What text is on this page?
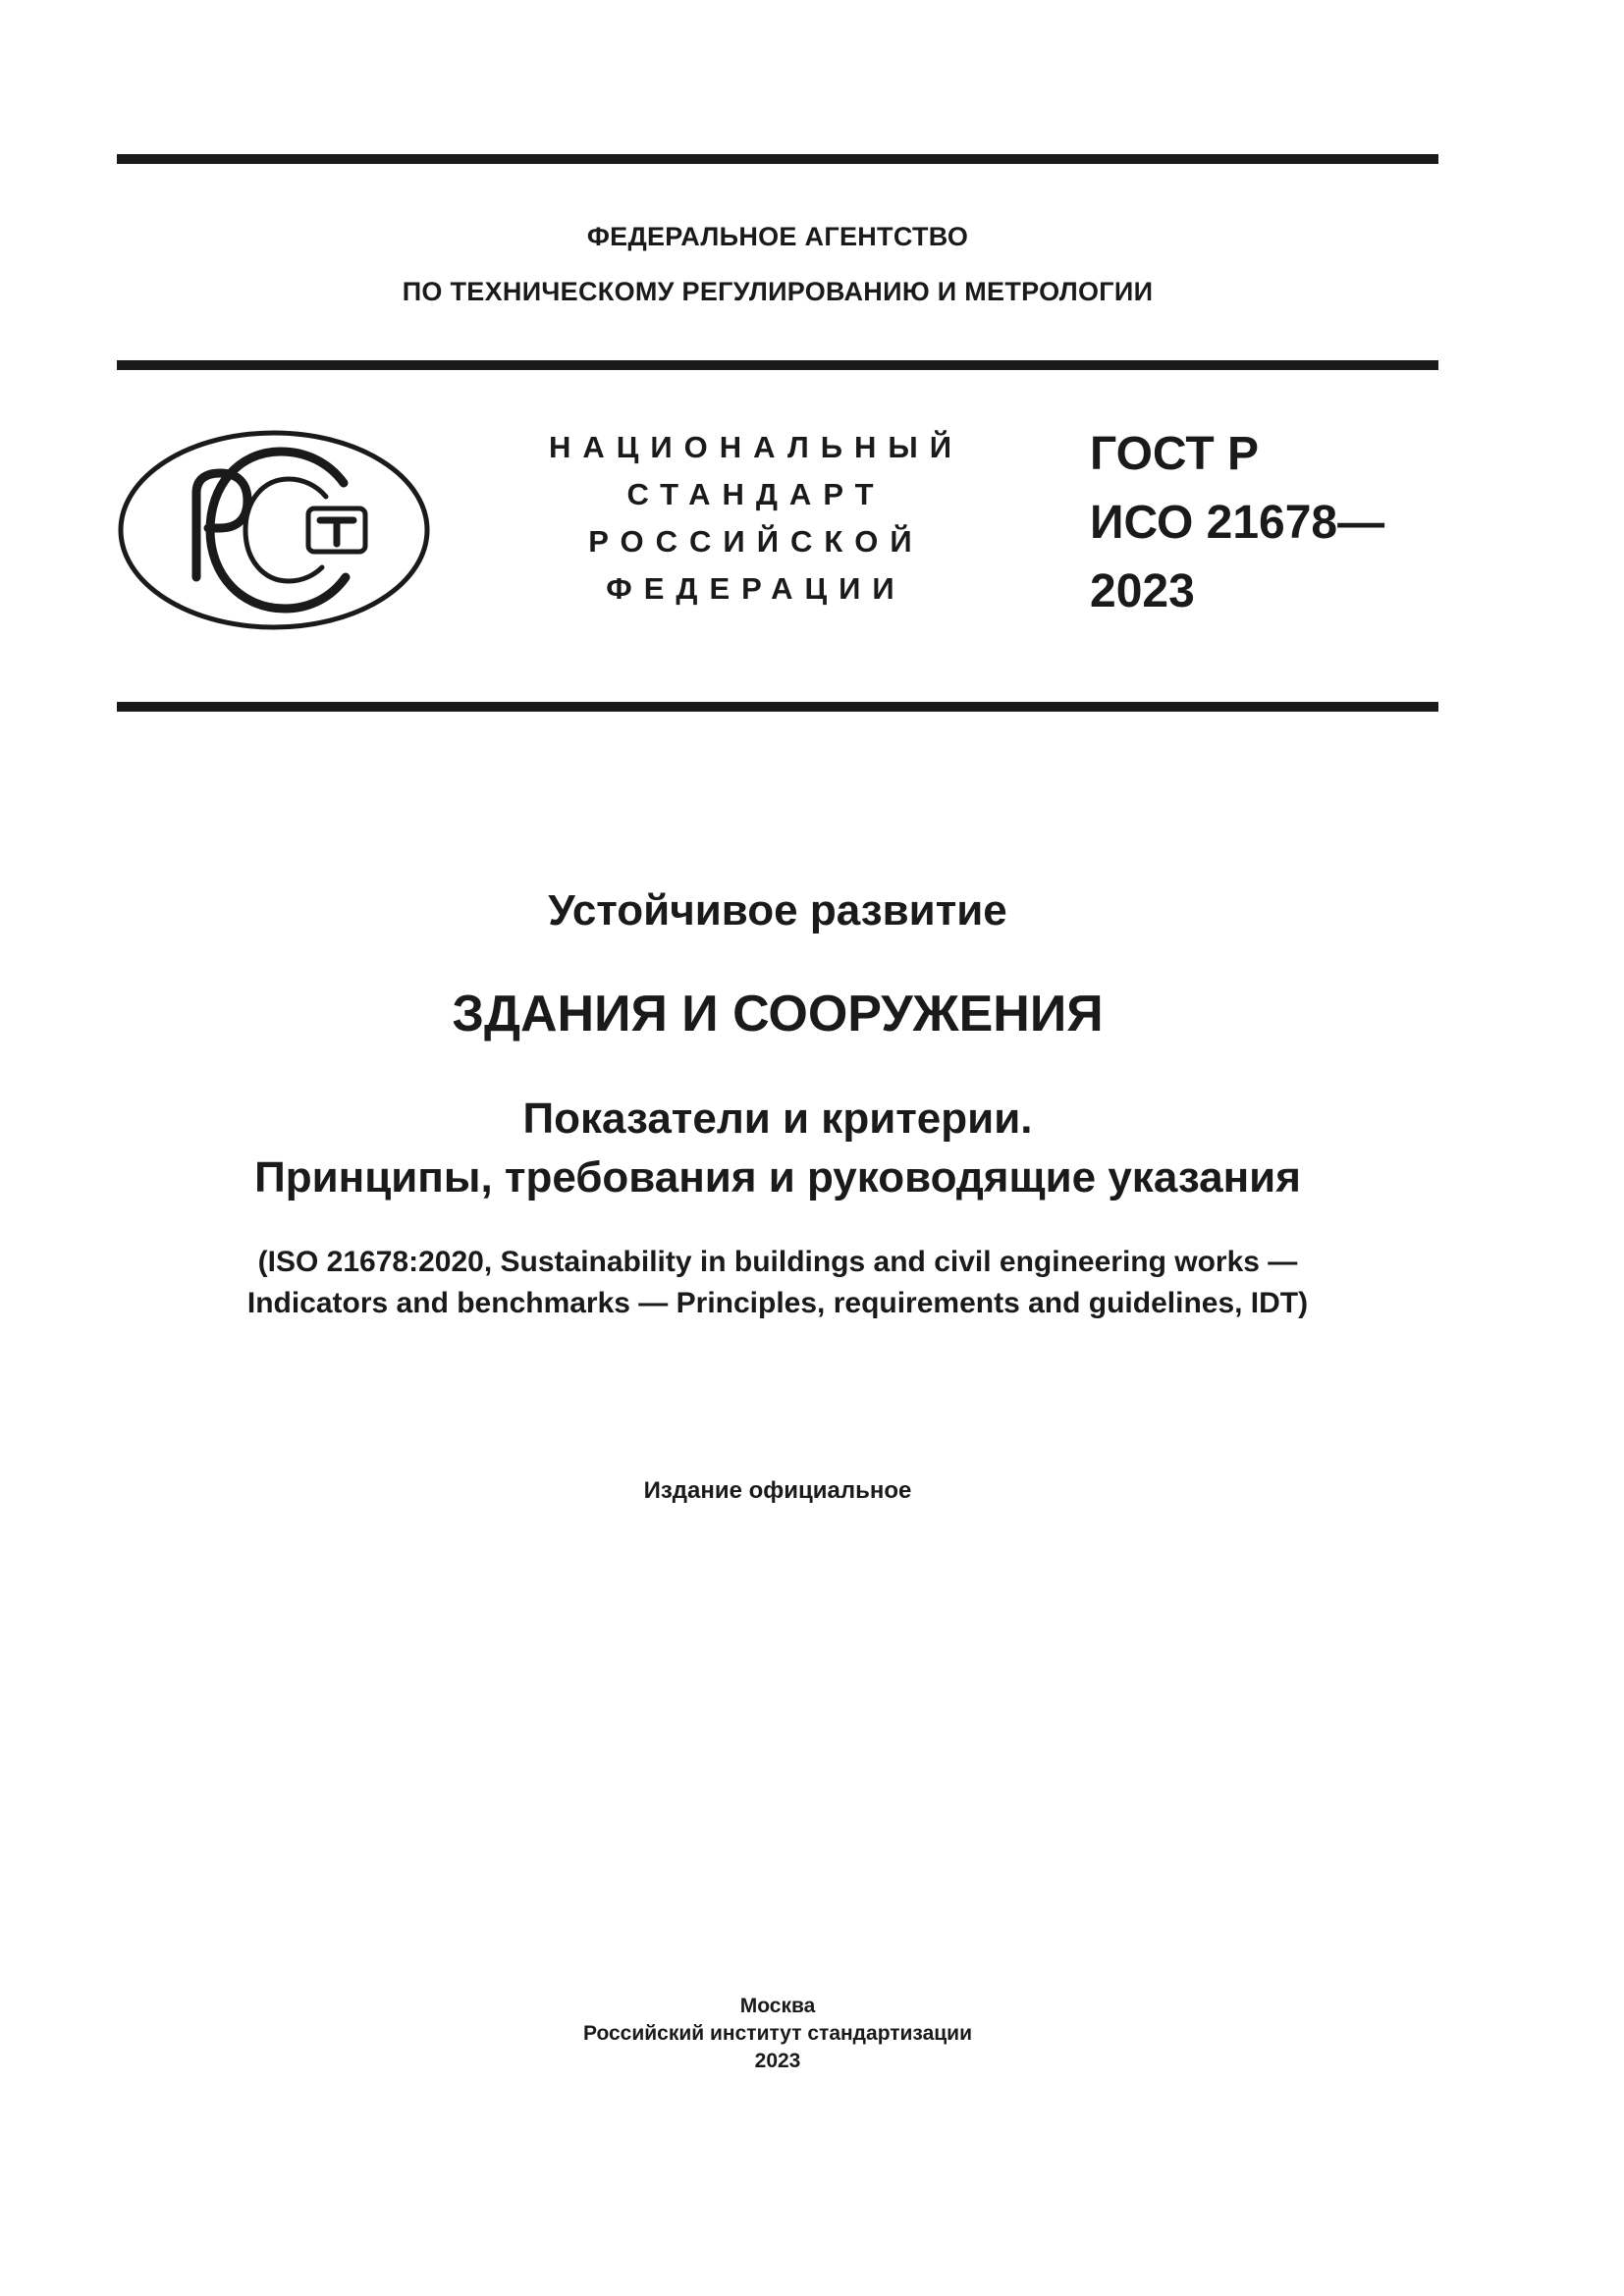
ФЕДЕРАЛЬНОЕ АГЕНТСТВО
ПО ТЕХНИЧЕСКОМУ РЕГУЛИРОВАНИЮ И МЕТРОЛОГИИ
НАЦИОНАЛЬНЫЙ
СТАНДАРТ
РОССИЙСКОЙ
ФЕДЕРАЦИИ
ГОСТ Р
ИСО 21678—
2023
Устойчивое развитие
ЗДАНИЯ И СООРУЖЕНИЯ
Показатели и критерии.
Принципы, требования и руководящие указания
(ISO 21678:2020, Sustainability in buildings and civil engineering works —
Indicators and benchmarks — Principles, requirements and guidelines, IDT)
Издание официальное
Москва
Российский институт стандартизации
2023
